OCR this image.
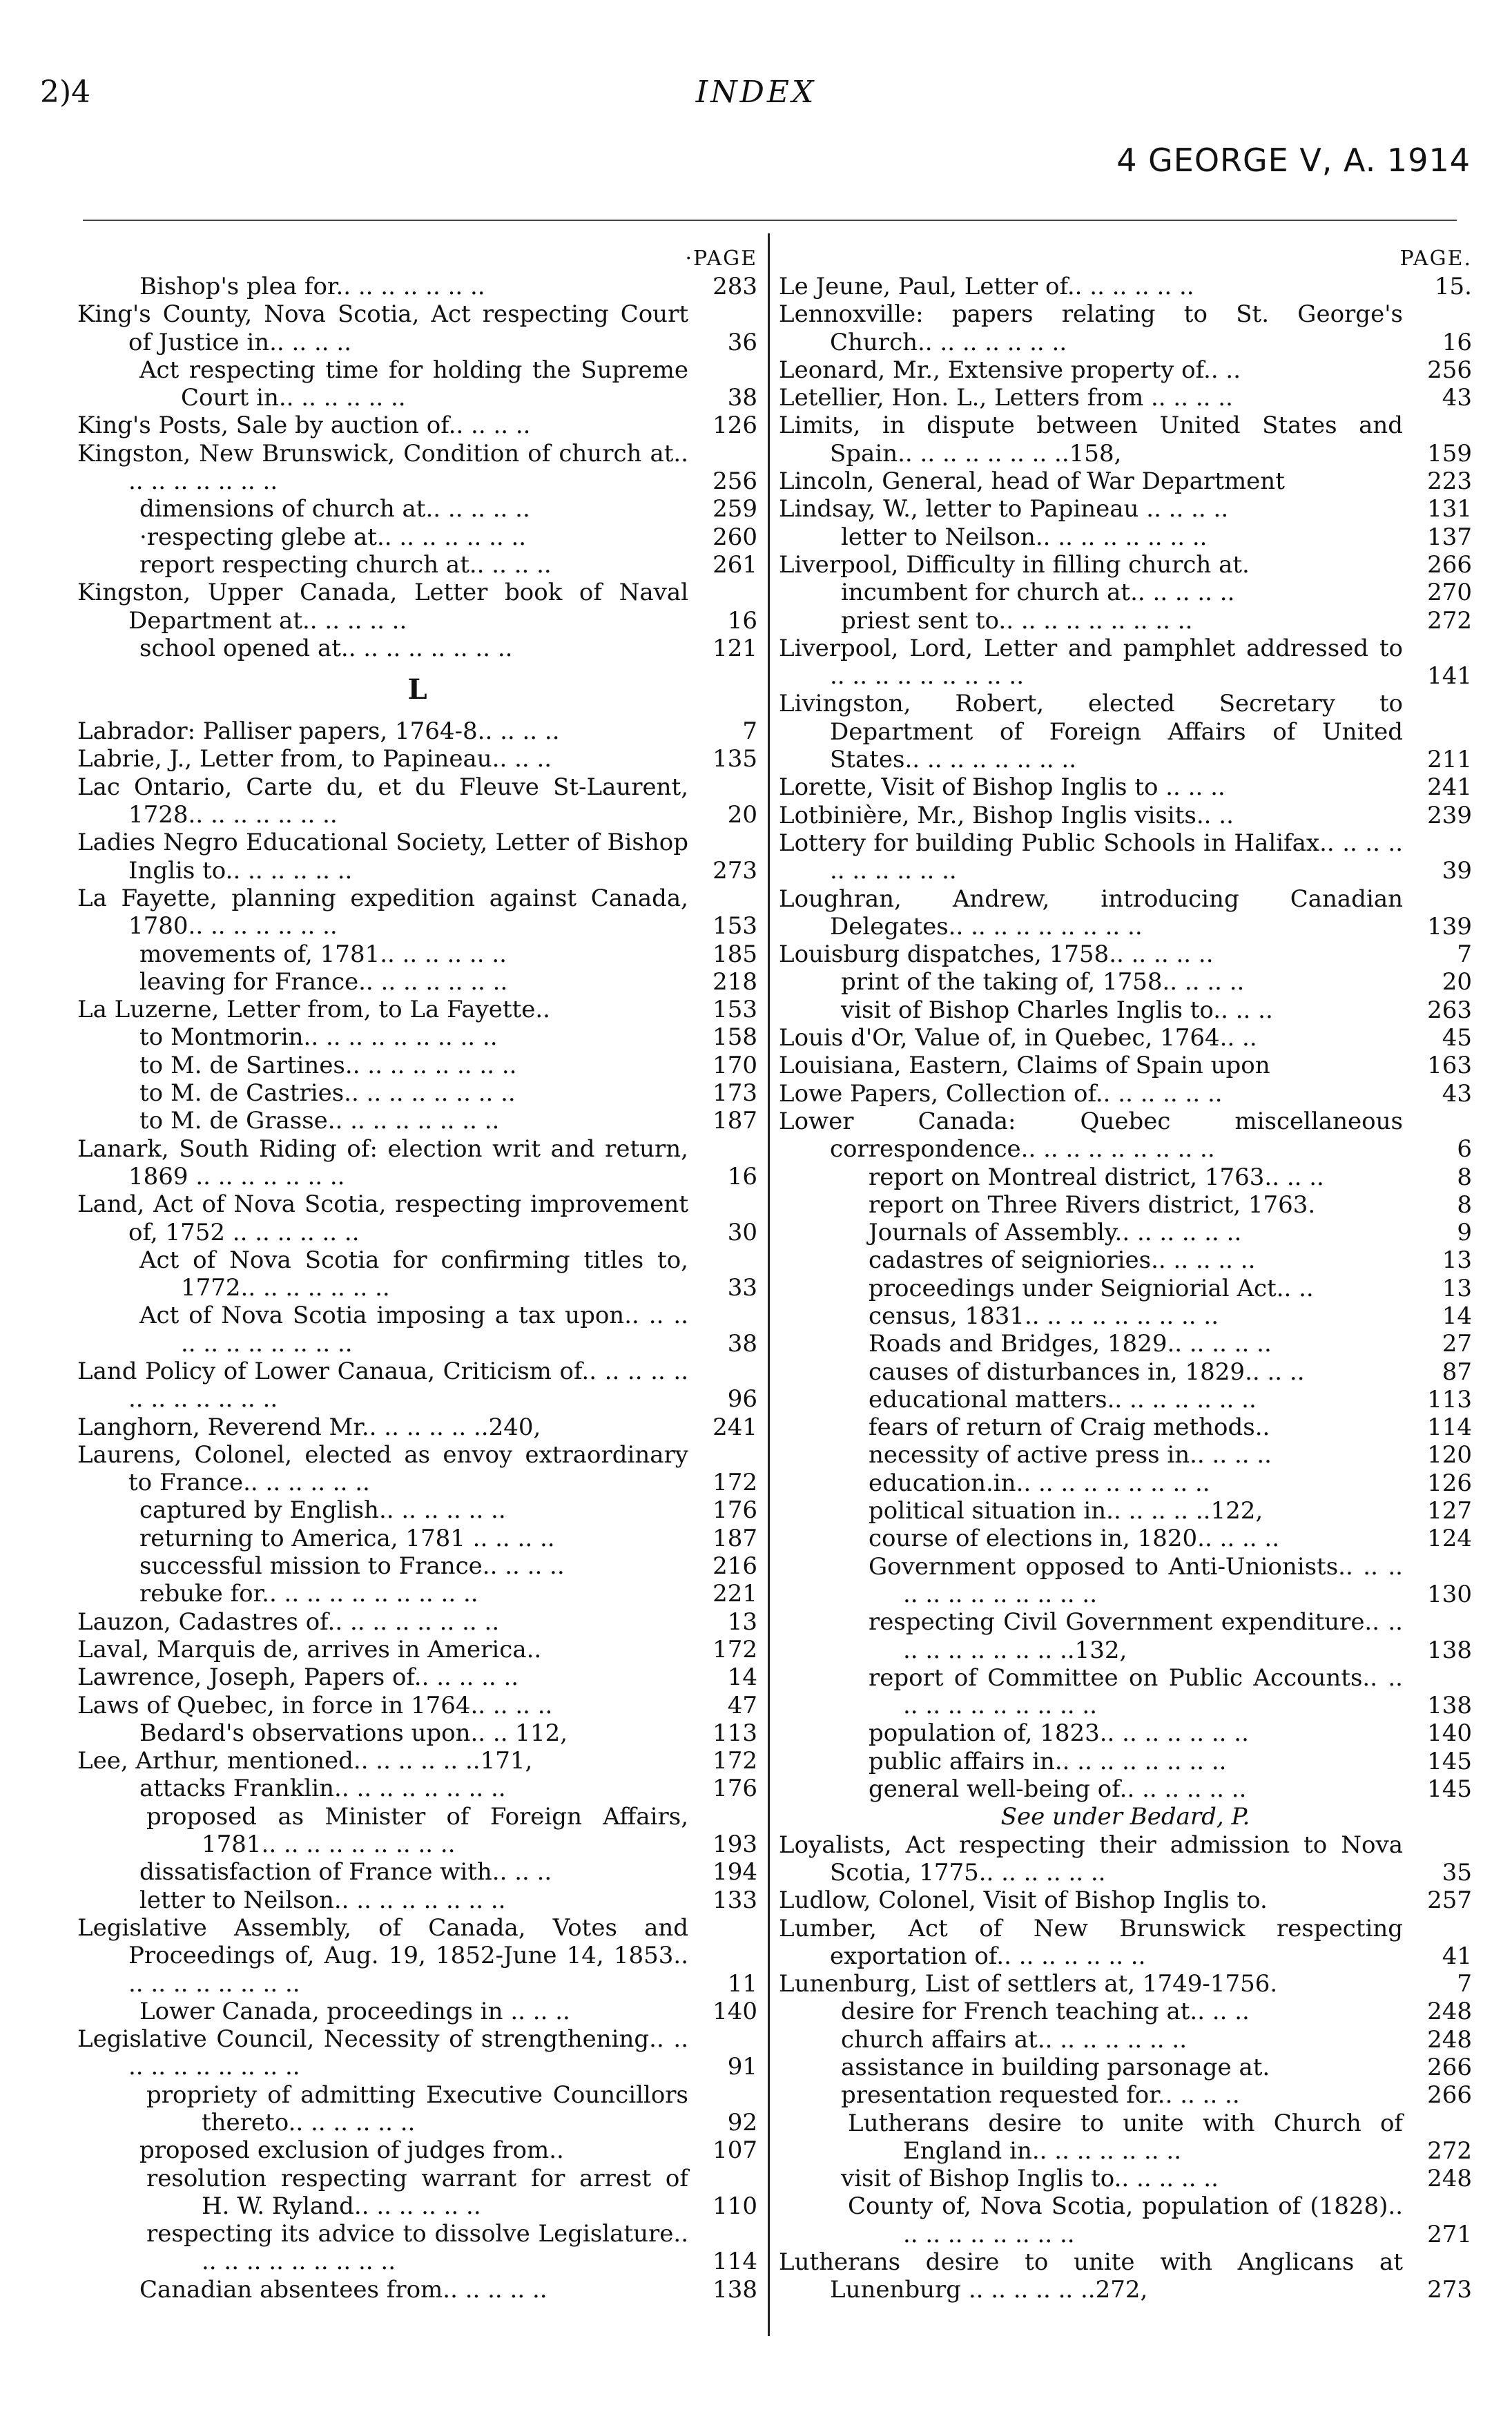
2)4	INDEX
4 GEORGE V, A. 1914
·PAGE
Bishop's plea for.. .. .. .. .. .. ..	283
King's County, Nova Scotia, Act respecting Court of Justice in.. .. .. ..	36
Act respecting time for holding the Supreme Court in.. .. .. .. .. ..	38
King's Posts, Sale by auction of.. .. .. ..	126
Kingston, New Brunswick, Condition of church at.. .. .. .. .. .. .. ..	256
dimensions of church at.. .. .. .. ..	259
·respecting glebe at.. .. .. .. .. .. ..	260
report respecting church at.. .. .. ..	261
Kingston, Upper Canada, Letter book of Naval Department at.. .. .. .. ..	16
school opened at.. .. .. .. .. .. .. ..	121
L
Labrador: Palliser papers, 1764-8.. .. .. ..	7
Labrie, J., Letter from, to Papineau.. .. ..	135
Lac Ontario, Carte du, et du Fleuve St-Laurent, 1728.. .. .. .. .. .. ..	20
Ladies Negro Educational Society, Letter of Bishop Inglis to.. .. .. .. .. ..	273
La Fayette, planning expedition against Canada, 1780.. .. .. .. .. .. ..	153
movements of, 1781.. .. .. .. .. ..	185
leaving for France.. .. .. .. .. .. ..	218
La Luzerne, Letter from, to La Fayette..	153
to Montmorin.. .. .. .. .. .. .. .. ..	158
to M. de Sartines.. .. .. .. .. .. .. ..	170
to M. de Castries.. .. .. .. .. .. .. ..	173
to M. de Grasse.. .. .. .. .. .. .. ..	187
Lanark, South Riding of: election writ and return, 1869 .. .. .. .. .. .. ..	16
Land, Act of Nova Scotia, respecting improvement of, 1752 .. .. .. .. .. ..	30
Act of Nova Scotia for confirming titles to, 1772.. .. .. .. .. .. ..	33
Act of Nova Scotia imposing a tax upon.. .. .. .. .. .. .. .. .. .. ..	38
Land Policy of Lower Canaua, Criticism of.. .. .. .. .. .. .. .. .. .. .. ..	96
Langhorn, Reverend Mr.. .. .. .. .. ..240,	241
Laurens, Colonel, elected as envoy extraordinary to France.. .. .. .. .. ..	172
captured by English.. .. .. .. .. ..	176
returning to America, 1781 .. .. .. ..	187
successful mission to France.. .. .. ..	216
rebuke for.. .. .. .. .. .. .. .. .. ..	221
Lauzon, Cadastres of.. .. .. .. .. .. .. ..	13
Laval, Marquis de, arrives in America..	172
Lawrence, Joseph, Papers of.. .. .. .. ..	14
Laws of Quebec, in force in 1764.. .. .. ..	47
Bedard's observations upon.. .. 112,	113
Lee, Arthur, mentioned.. .. .. .. .. ..171,	172
attacks Franklin.. .. .. .. .. .. .. ..	176
proposed as Minister of Foreign Affairs, 1781.. .. .. .. .. .. .. .. ..	193
dissatisfaction of France with.. .. ..	194
letter to Neilson.. .. .. .. .. .. .. ..	133
Legislative Assembly, of Canada, Votes and Proceedings of, Aug. 19, 1852-June 14, 1853.. .. .. .. .. .. .. .. ..	11
Lower Canada, proceedings in .. .. ..	140
Legislative Council, Necessity of strengthening.. .. .. .. .. .. .. .. .. ..	91
propriety of admitting Executive Councillors thereto.. .. .. .. .. ..	92
proposed exclusion of judges from..	107
resolution respecting warrant for arrest of H. W. Ryland.. .. .. .. .. ..	110
respecting its advice to dissolve Legislature.. .. .. .. .. .. .. .. .. ..	114
Canadian absentees from.. .. .. .. ..	138
PAGE.
Le Jeune, Paul, Letter of.. .. .. .. .. ..	15.
Lennoxville: papers relating to St. George's Church.. .. .. .. .. .. ..	16
Leonard, Mr., Extensive property of.. ..	256
Letellier, Hon. L., Letters from .. .. .. ..	43
Limits, in dispute between United States and Spain.. .. .. .. .. .. .. ..158,	159
Lincoln, General, head of War Department	223
Lindsay, W., letter to Papineau .. .. .. ..	131
letter to Neilson.. .. .. .. .. .. .. ..	137
Liverpool, Difficulty in filling church at.	266
incumbent for church at.. .. .. .. ..	270
priest sent to.. .. .. .. .. .. .. .. ..	272
Liverpool, Lord, Letter and pamphlet addressed to .. .. .. .. .. .. .. .. ..	141
Livingston, Robert, elected Secretary to Department of Foreign Affairs of United States.. .. .. .. .. .. .. ..	211
Lorette, Visit of Bishop Inglis to .. .. ..	241
Lotbinière, Mr., Bishop Inglis visits.. ..	239
Lottery for building Public Schools in Halifax.. .. .. .. .. .. .. .. .. ..	39
Loughran, Andrew, introducing Canadian Delegates.. .. .. .. .. .. .. .. ..	139
Louisburg dispatches, 1758.. .. .. .. ..	7
print of the taking of, 1758.. .. .. ..	20
visit of Bishop Charles Inglis to.. .. ..	263
Louis d'Or, Value of, in Quebec, 1764.. ..	45
Louisiana, Eastern, Claims of Spain upon	163
Lowe Papers, Collection of.. .. .. .. .. ..	43
Lower Canada: Quebec miscellaneous correspondence.. .. .. .. .. .. .. .. ..	6
report on Montreal district, 1763.. .. ..	8
report on Three Rivers district, 1763.	8
Journals of Assembly.. .. .. .. .. ..	9
cadastres of seigniories.. .. .. .. ..	13
proceedings under Seigniorial Act.. ..	13
census, 1831.. .. .. .. .. .. .. .. ..	14
Roads and Bridges, 1829.. .. .. .. ..	27
causes of disturbances in, 1829.. .. ..	87
educational matters.. .. .. .. .. .. ..	113
fears of return of Craig methods..	114
necessity of active press in.. .. .. ..	120
education.in.. .. .. .. .. .. .. .. ..	126
political situation in.. .. .. .. ..122,	127
course of elections in, 1820.. .. .. ..	124
Government opposed to Anti-Unionists.. .. .. .. .. .. .. .. .. .. .. ..	130
respecting Civil Government expenditure.. .. .. .. .. .. .. .. .. ..132,	138
report of Committee on Public Accounts.. .. .. .. .. .. .. .. .. .. ..	138
population of, 1823.. .. .. .. .. .. ..	140
public affairs in.. .. .. .. .. .. .. ..	145
general well-being of.. .. .. .. .. ..	145
See under Bedard, P.
Loyalists, Act respecting their admission to Nova Scotia, 1775.. .. .. .. .. ..	35
Ludlow, Colonel, Visit of Bishop Inglis to.	257
Lumber, Act of New Brunswick respecting exportation of.. .. .. .. .. .. ..	41
Lunenburg, List of settlers at, 1749-1756.	7
desire for French teaching at.. .. ..	248
church affairs at.. .. .. .. .. .. ..	248
assistance in building parsonage at.	266
presentation requested for.. .. .. ..	266
Lutherans desire to unite with Church of England in.. .. .. .. .. .. ..	272
visit of Bishop Inglis to.. .. .. .. ..	248
County of, Nova Scotia, population of (1828).. .. .. .. .. .. .. .. ..	271
Lutherans desire to unite with Anglicans at Lunenburg .. .. .. .. .. ..272,	273
